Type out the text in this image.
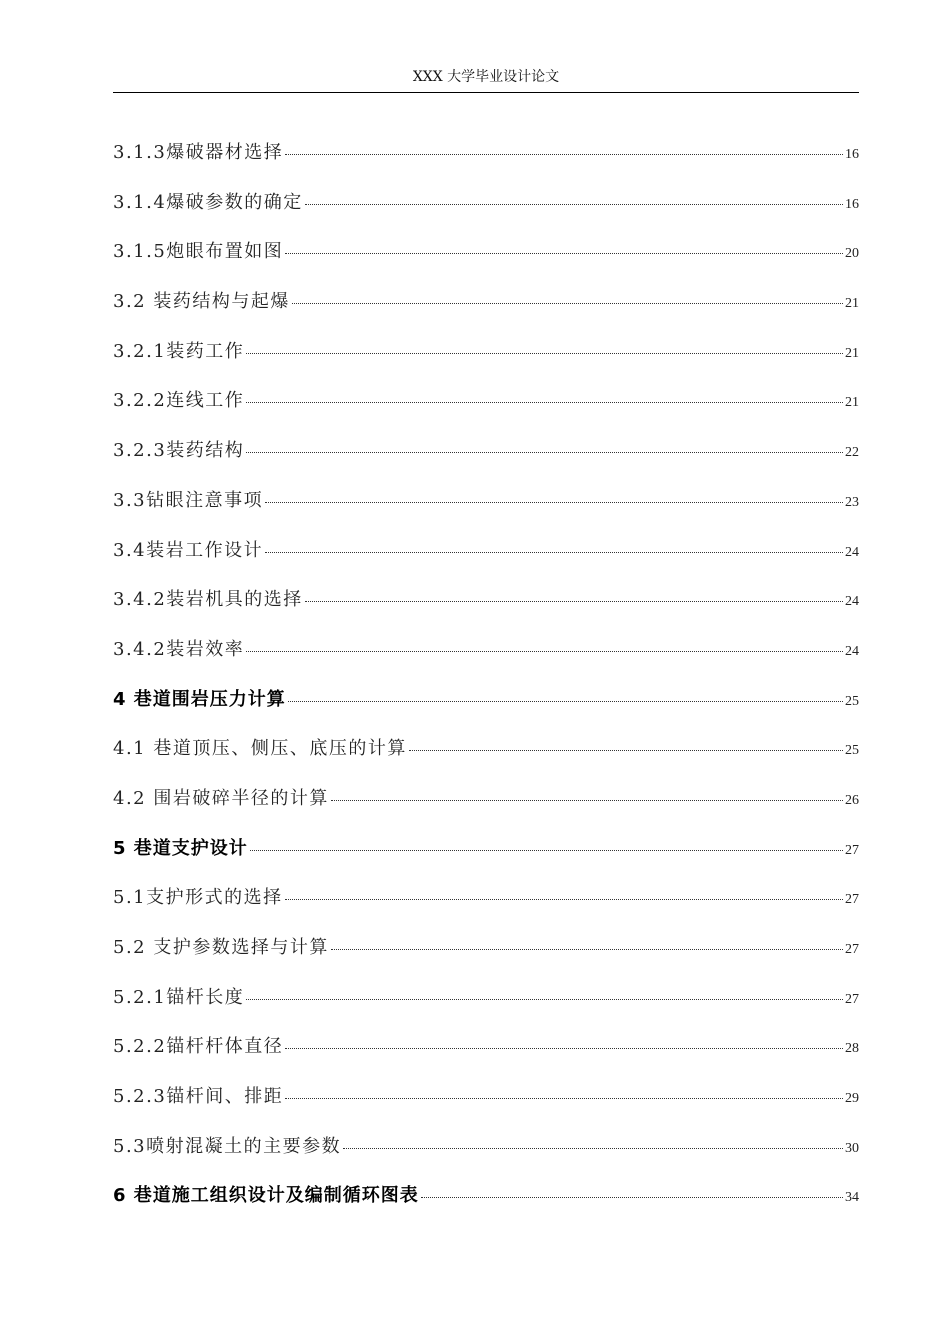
XXX 大学毕业设计论文
3.1.3爆破器材选择	16
3.1.4爆破参数的确定	16
3.1.5炮眼布置如图	20
3.2 装药结构与起爆	21
3.2.1装药工作	21
3.2.2连线工作	21
3.2.3装药结构	22
3.3钻眼注意事项	23
3.4装岩工作设计	24
3.4.2装岩机具的选择	24
3.4.2装岩效率	24
4 巷道围岩压力计算	25
4.1 巷道顶压、侧压、底压的计算	25
4.2 围岩破碎半径的计算	26
5 巷道支护设计	27
5.1支护形式的选择	27
5.2 支护参数选择与计算	27
5.2.1锚杆长度	27
5.2.2锚杆杆体直径	28
5.2.3锚杆间、排距	29
5.3喷射混凝土的主要参数	30
6 巷道施工组织设计及编制循环图表	34
